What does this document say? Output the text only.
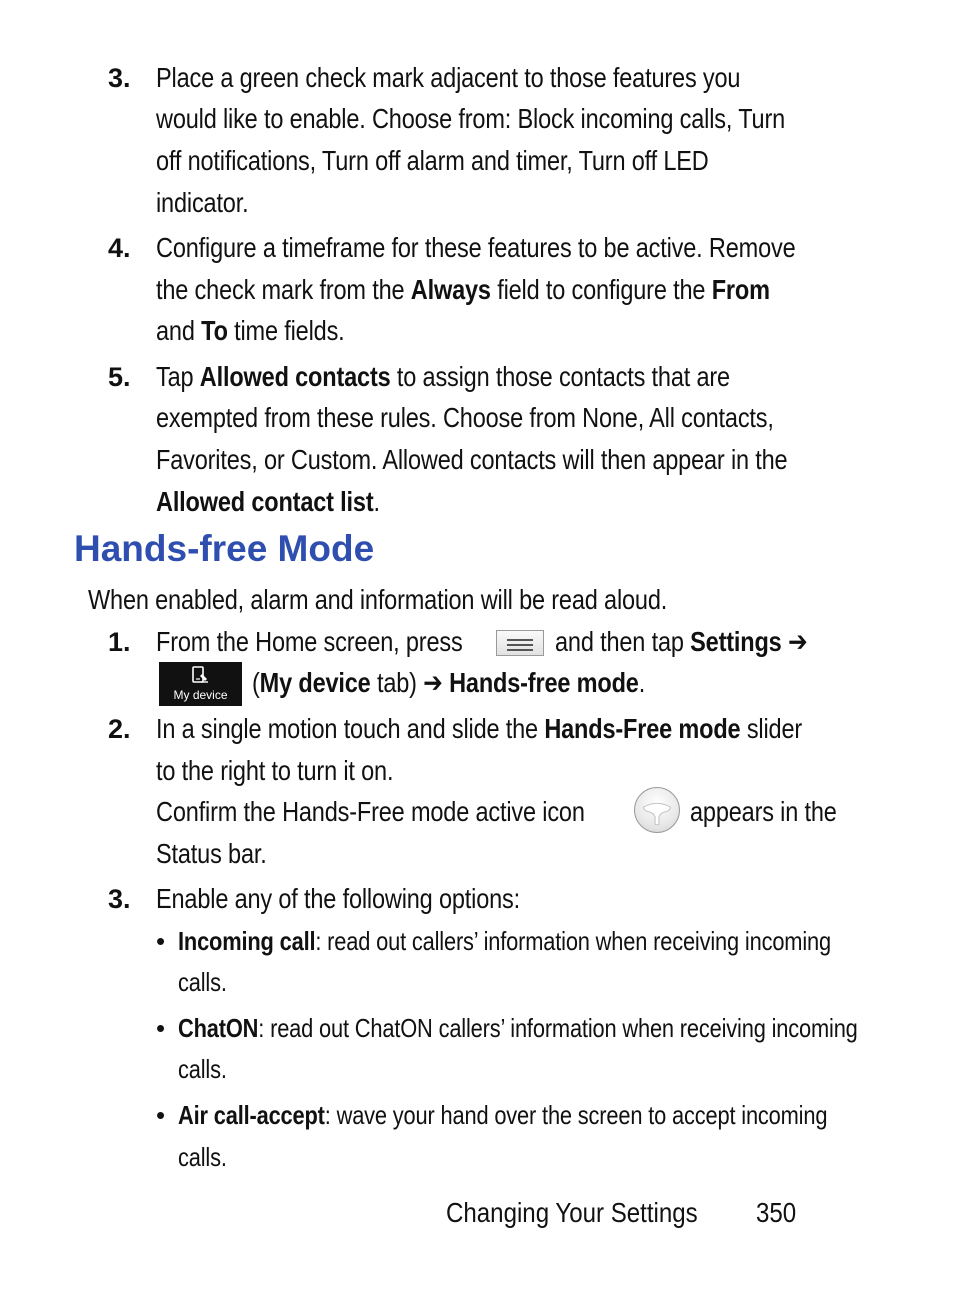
3. Place a green check mark adjacent to those features you
would like to enable. Choose from: Block incoming calls, Turn
off notifications, Turn off alarm and timer, Turn off LED
indicator.
4. Configure a timeframe for these features to be active. Remove
the check mark from the Always field to configure the From
and To time fields.
5. Tap Allowed contacts to assign those contacts that are
exempted from these rules. Choose from None, All contacts,
Favorites, or Custom. Allowed contacts will then appear in the
Allowed contact list.
Hands-free Mode
When enabled, alarm and information will be read aloud.
1. From the Home screen, press	and then tap Settings ➔
My device (My device tab) ➔ Hands-free mode.
2. In a single motion touch and slide the Hands-Free mode slider
to the right to turn it on.
Confirm the Hands-Free mode active icon	appears in the
Status bar.
3. Enable any of the following options:
• Incoming call: read out callers’ information when receiving incoming
calls.
• ChatON: read out ChatON callers’ information when receiving incoming
calls.
• Air call-accept: wave your hand over the screen to accept incoming
calls.
Changing Your Settings 350
